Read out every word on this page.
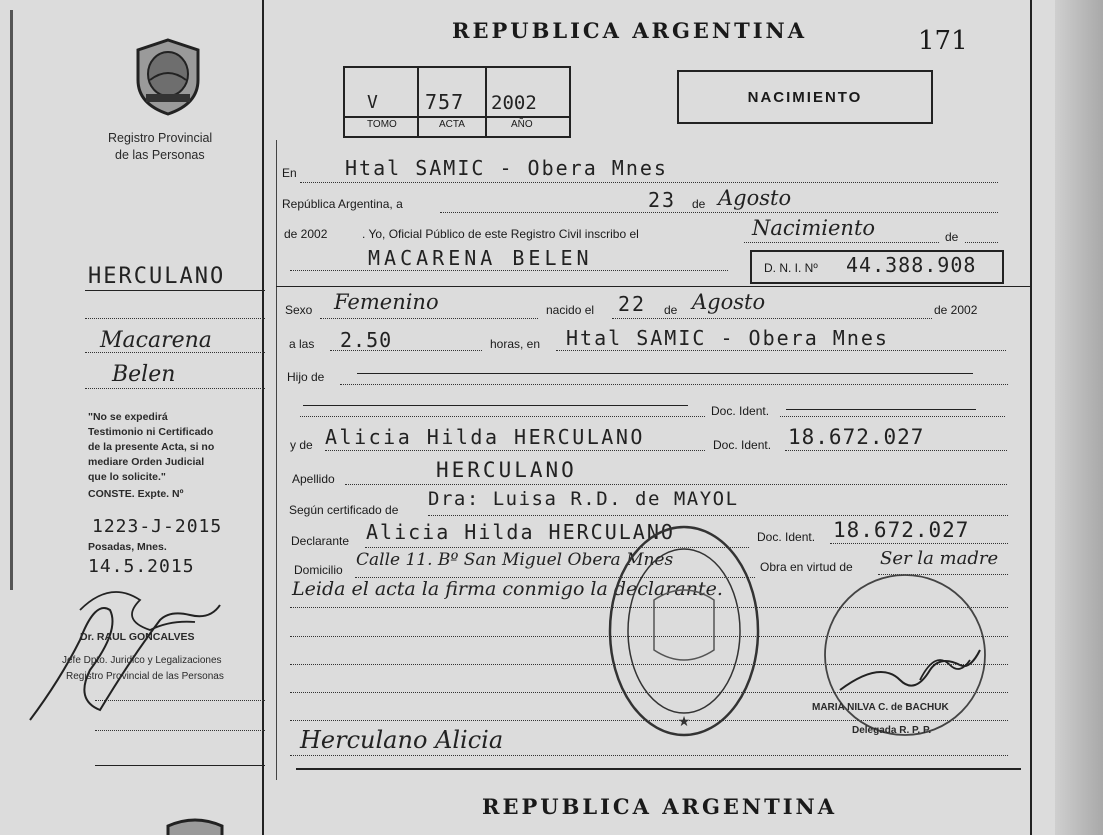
Registro Provincial
de las Personas
HERCULANO
Macarena
Belen
"No se expedirá
Testimonio ni Certificado
de la presente Acta, si no
mediare Orden Judicial
que lo solicite."
CONSTE. Expte. Nº
1223-J-2015
Posadas, Mnes.
14.5.2015
Dr. RAUL GONCALVES
Jefe Dpto. Juridico y Legalizaciones
Registro Provincial de las Personas
REPUBLICA ARGENTINA	171
V 757 2002
TOMO	ACTA	AÑO
NACIMIENTO
En Htal SAMIC - Obera Mnes
República Argentina, a	23 de Agosto
de 2002	. Yo, Oficial Público de este Registro Civil inscribo el	Nacimiento	de
MACARENA BELEN	D. N. I. Nº 44.388.908
Sexo Femenino	nacido el 22 de Agosto	de 2002
a las 2.50	horas, en Htal SAMIC - Obera Mnes
Hijo de
Doc. Ident.
y de Alicia Hilda HERCULANO	Doc. Ident. 18.672.027
Apellido	HERCULANO
Según certificado de Dra: Luisa R.D. de MAYOL
Declarante Alicia Hilda HERCULANO	Doc. Ident. 18.672.027
Domicilio Calle 11. Bº San Miguel Obera Mnes	Obra en virtud de Ser la madre
Leida el acta la firma conmigo la declarante.
Herculano Alicia
★
MARIA NILVA C. de BACHUK
Delegada R. P. P.
REPUBLICA ARGENTINA
